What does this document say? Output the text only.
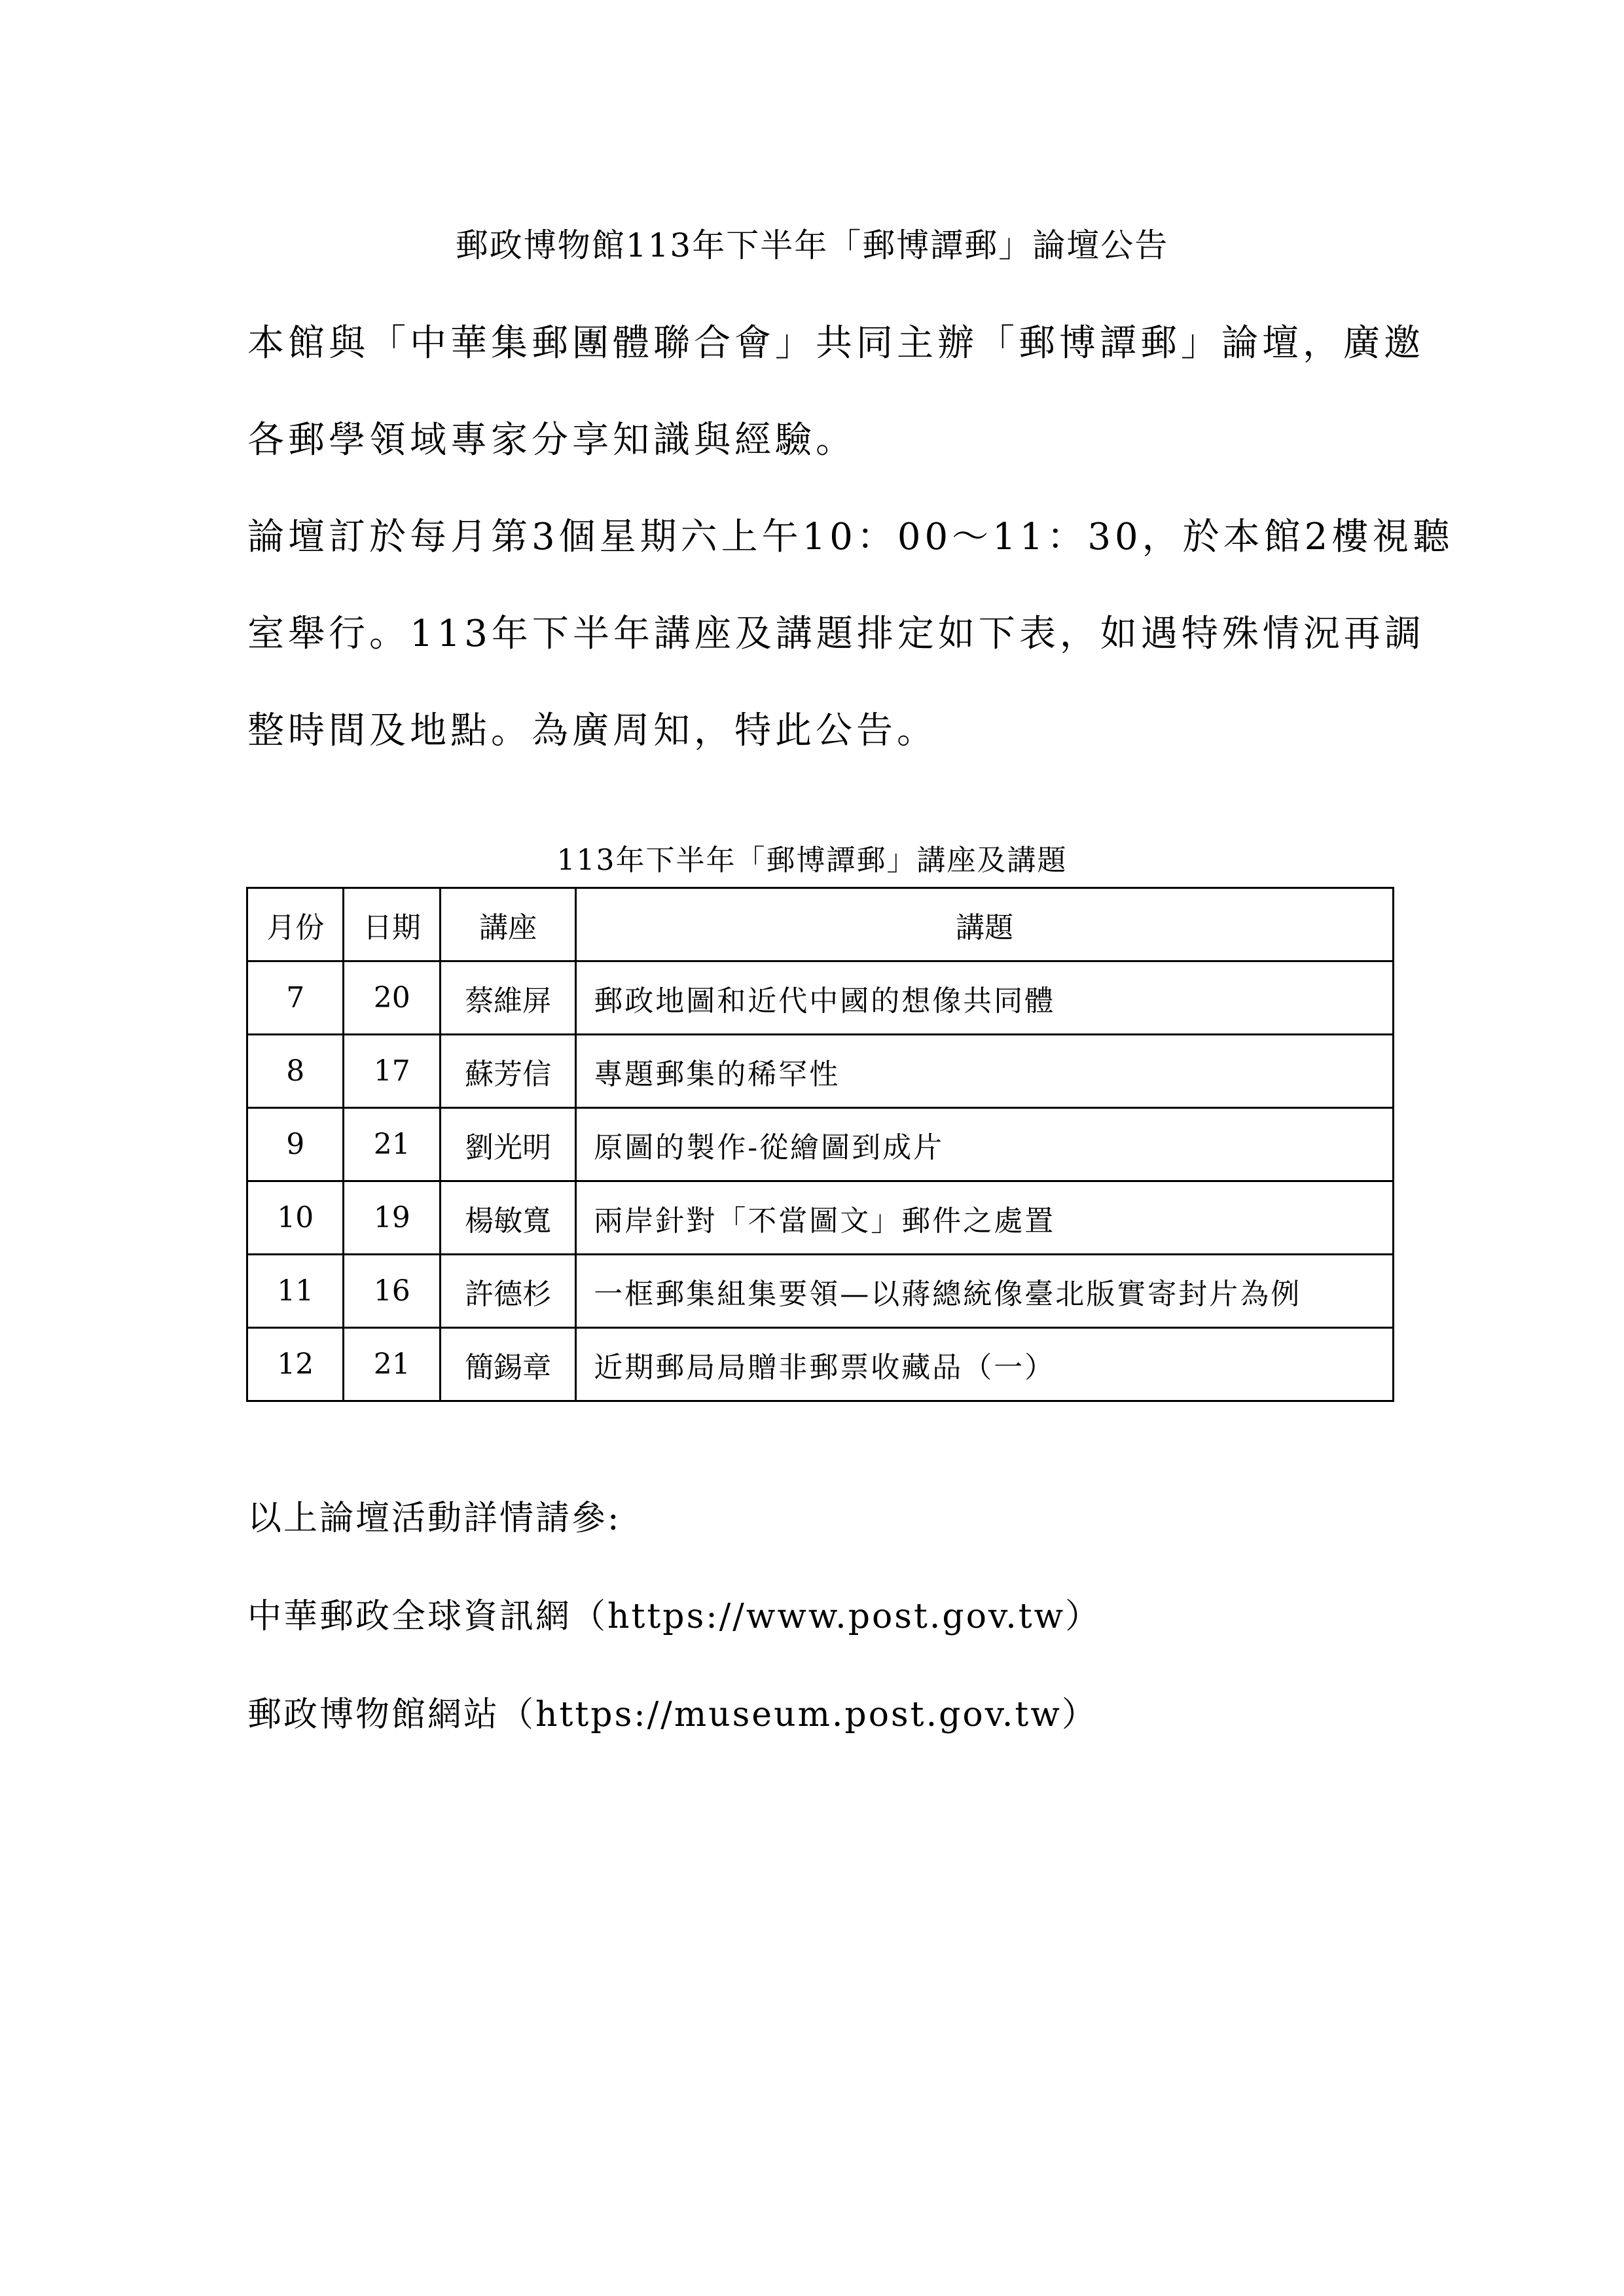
郵政博物館113年下半年「郵博譚郵」論壇公告
本館與「中華集郵團體聯合會」共同主辦「郵博譚郵」論壇，廣邀
各郵學領域專家分享知識與經驗。
論壇訂於每月第3個星期六上午10：00～11：30，於本館2樓視聽
室舉行。113年下半年講座及講題排定如下表，如遇特殊情況再調
整時間及地點。為廣周知，特此公告。
113年下半年「郵博譚郵」講座及講題
月份	日期	講座	講題
7	20	蔡維屏	郵政地圖和近代中國的想像共同體
8	17	蘇芳信	專題郵集的稀罕性
9	21	劉光明	原圖的製作-從繪圖到成片
10	19	楊敏寬	兩岸針對「不當圖文」郵件之處置
11	16	許德杉	一框郵集組集要領—以蔣總統像臺北版實寄封片為例
12	21	簡錫章	近期郵局局贈非郵票收藏品（一）
以上論壇活動詳情請參:
中華郵政全球資訊網（https://www.post.gov.tw）
郵政博物館網站（https://museum.post.gov.tw）
